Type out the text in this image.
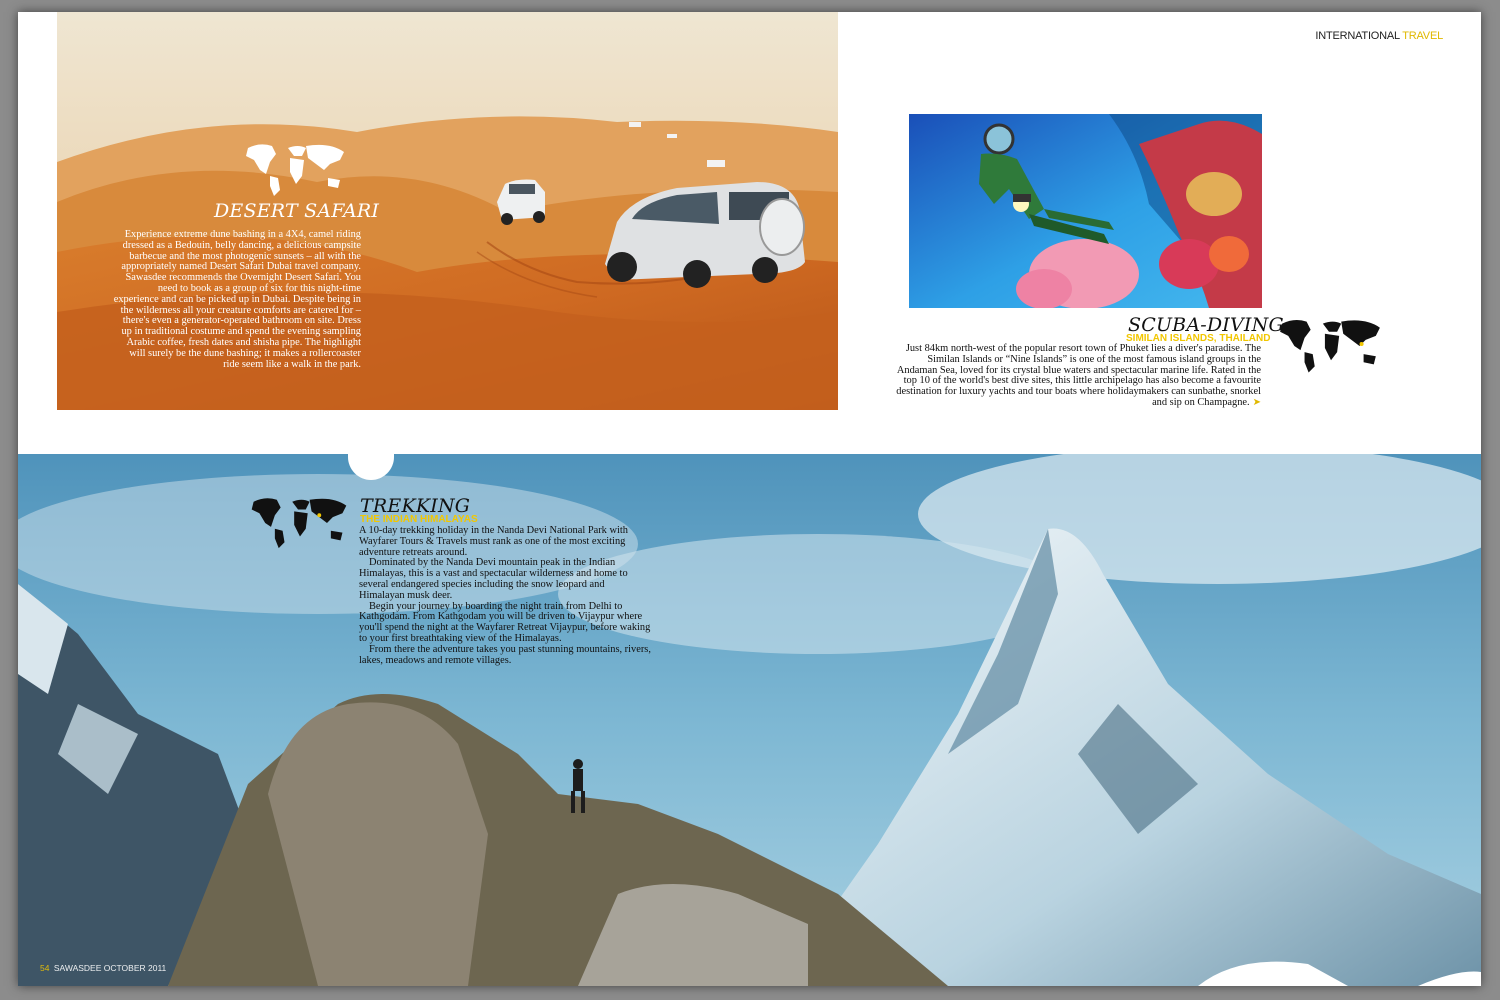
INTERNATIONAL TRAVEL
DESERT SAFARI

Experience extreme dune bashing in a 4X4, camel riding dressed as a Bedouin, belly dancing, a delicious campsite barbecue and the most photogenic sunsets – all with the appropriately named Desert Safari Dubai travel company. Sawasdee recommends the Overnight Desert Safari. You need to book as a group of six for this night-time experience and can be picked up in Dubai. Despite being in the wilderness all your creature comforts are catered for – there's even a generator-operated bathroom on site. Dress up in traditional costume and spend the evening sampling Arabic coffee, fresh dates and shisha pipe. The highlight will surely be the dune bashing; it makes a rollercoaster ride seem like a walk in the park.

SCUBA-DIVING
SIMILAN ISLANDS, THAILAND

Just 84km north-west of the popular resort town of Phuket lies a diver's paradise. The Similan Islands or “Nine Islands” is one of the most famous island groups in the Andaman Sea, loved for its crystal blue waters and spectacular marine life. Rated in the top 10 of the world's best dive sites, this little archipelago has also become a favourite destination for luxury yachts and tour boats where holidaymakers can sunbathe, snorkel and sip on Champagne. ➤

TREKKING
THE INDIAN HIMALAYAS

A 10-day trekking holiday in the Nanda Devi National Park with Wayfarer Tours & Travels must rank as one of the most exciting adventure retreats around.

Dominated by the Nanda Devi mountain peak in the Indian Himalayas, this is a vast and spectacular wilderness and home to several endangered species including the snow leopard and Himalayan musk deer.

Begin your journey by boarding the night train from Delhi to Kathgodam. From Kathgodam you will be driven to Vijaypur where you'll spend the night at the Wayfarer Retreat Vijaypur, before waking to your first breathtaking view of the Himalayas.

From there the adventure takes you past stunning mountains, rivers, lakes, meadows and remote villages.

54 SAWASDEE OCTOBER 2011
